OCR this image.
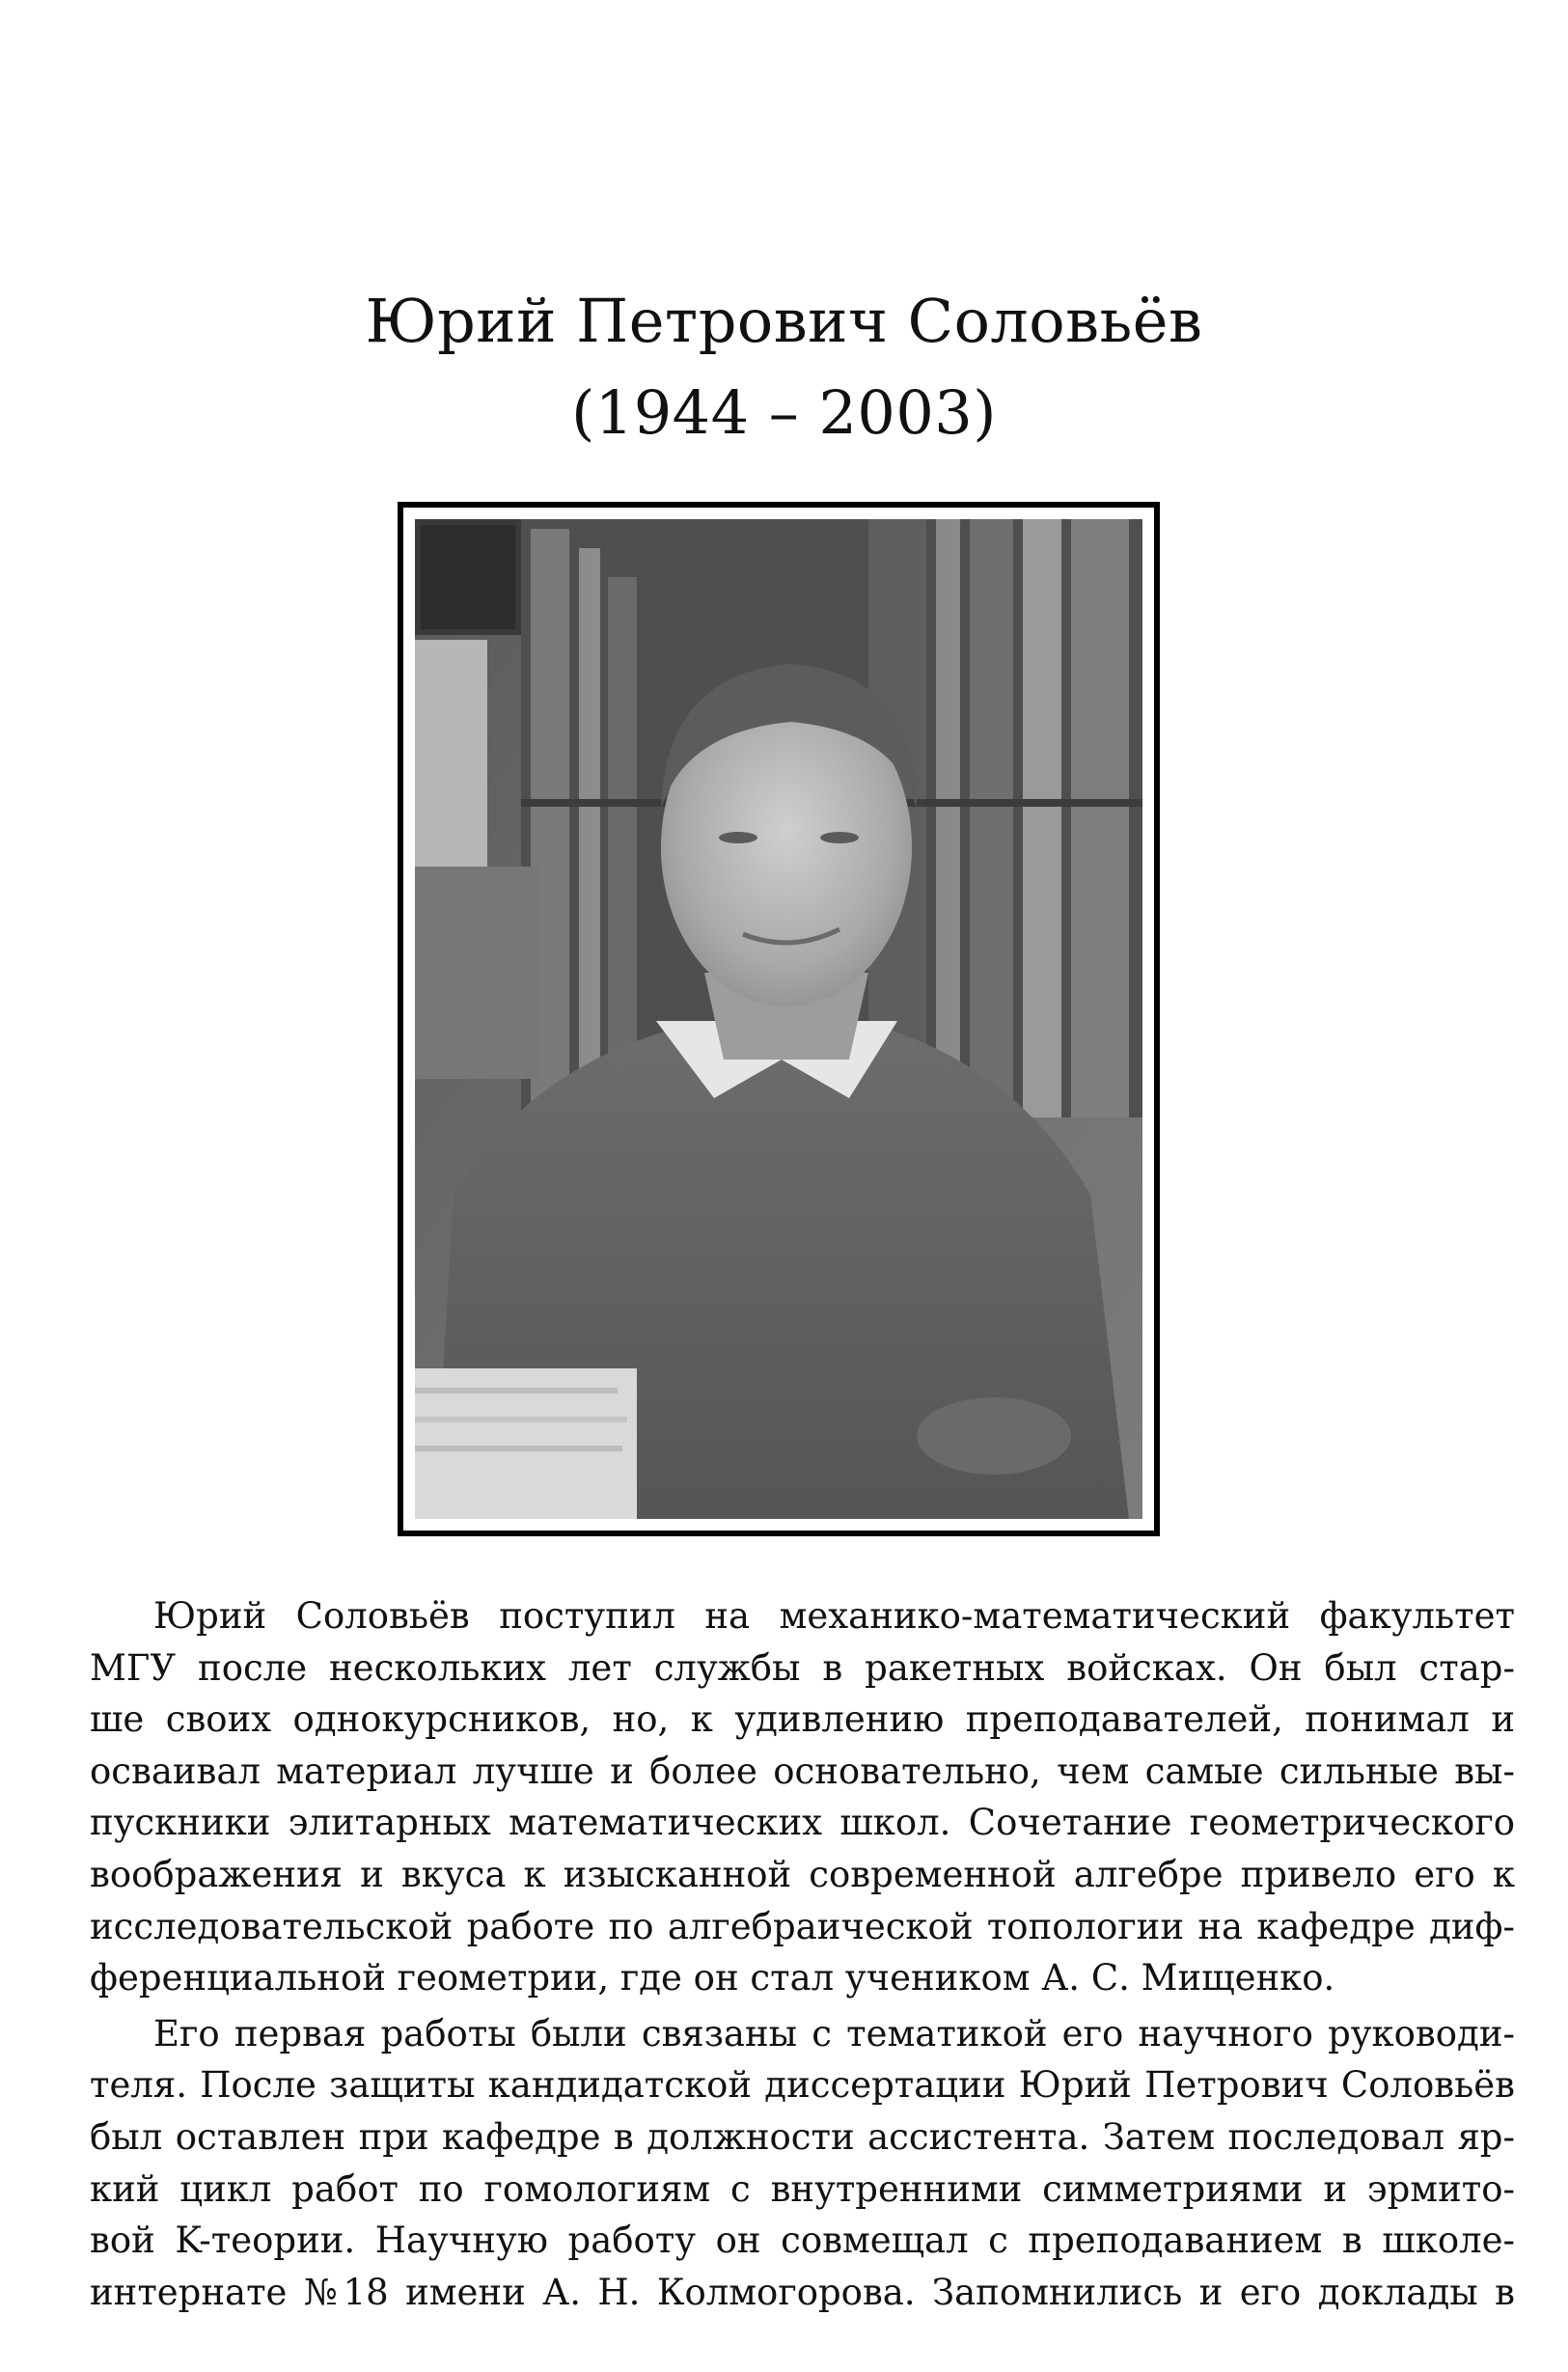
Юрий Петрович Соловьёв
(1944 – 2003)

Юрий Соловьёв поступил на механико-математический факультет
МГУ после нескольких лет службы в ракетных войсках. Он был стар-
ше своих однокурсников, но, к удивлению преподавателей, понимал и
осваивал материал лучше и более основательно, чем самые сильные вы-
пускники элитарных математических школ. Сочетание геометрического
воображения и вкуса к изысканной современной алгебре привело его к
исследовательской работе по алгебраической топологии на кафедре диф-
ференциальной геометрии, где он стал учеником А. С. Мищенко.

Его первая работы были связаны с тематикой его научного руководи-
теля. После защиты кандидатской диссертации Юрий Петрович Соловьёв
был оставлен при кафедре в должности ассистента. Затем последовал яр-
кий цикл работ по гомологиям с внутренними симметриями и эрмито-
вой K-теории. Научную работу он совмещал с преподаванием в школе-
интернате №18 имени А. Н. Колмогорова. Запомнились и его доклады в
